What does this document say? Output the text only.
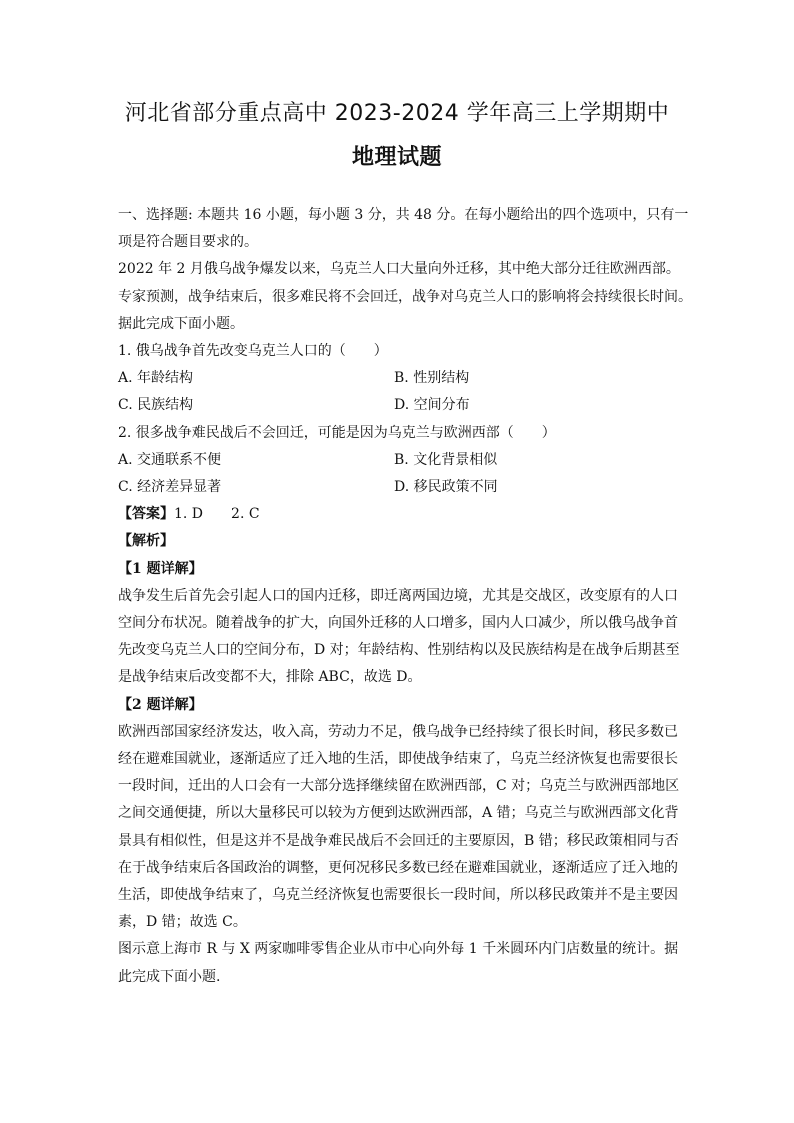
河北省部分重点高中 2023-2024 学年高三上学期期中
地理试题

一、选择题: 本题共 16 小题，每小题 3 分，共 48 分。在每小题给出的四个选项中，只有一

项是符合题目要求的。

2022 年 2 月俄乌战争爆发以来，乌克兰人口大量向外迁移，其中绝大部分迁往欧洲西部。

专家预测，战争结束后，很多难民将不会回迁，战争对乌克兰人口的影响将会持续很长时间。

据此完成下面小题。

1. 俄乌战争首先改变乌克兰人口的（　　）

A. 年龄结构	B. 性别结构
C. 民族结构	D. 空间分布

2. 很多战争难民战后不会回迁，可能是因为乌克兰与欧洲西部（　　）

A. 交通联系不便	B. 文化背景相似
C. 经济差异显著	D. 移民政策不同

【答案】1. D　　2. C

【解析】

【1 题详解】

战争发生后首先会引起人口的国内迁移，即迁离两国边境，尤其是交战区，改变原有的人口

空间分布状况。随着战争的扩大，向国外迁移的人口增多，国内人口减少，所以俄乌战争首

先改变乌克兰人口的空间分布，D 对；年龄结构、性别结构以及民族结构是在战争后期甚至

是战争结束后改变都不大，排除 ABC，故选 D。

【2 题详解】

欧洲西部国家经济发达，收入高，劳动力不足，俄乌战争已经持续了很长时间，移民多数已

经在避难国就业，逐渐适应了迁入地的生活，即使战争结束了，乌克兰经济恢复也需要很长

一段时间，迁出的人口会有一大部分选择继续留在欧洲西部，C 对；乌克兰与欧洲西部地区

之间交通便捷，所以大量移民可以较为方便到达欧洲西部，A 错；乌克兰与欧洲西部文化背

景具有相似性，但是这并不是战争难民战后不会回迁的主要原因，B 错；移民政策相同与否

在于战争结束后各国政治的调整，更何况移民多数已经在避难国就业，逐渐适应了迁入地的

生活，即使战争结束了，乌克兰经济恢复也需要很长一段时间，所以移民政策并不是主要因

素，D 错；故选 C。

图示意上海市 R 与 X 两家咖啡零售企业从市中心向外每 1 千米圆环内门店数量的统计。据

此完成下面小题.
